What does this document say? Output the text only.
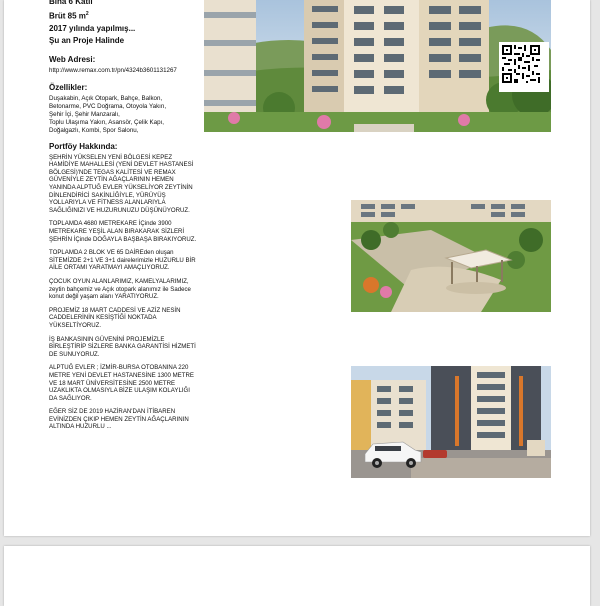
Bina 6 Katlı

Brüt 85 $m^2$

2017 yılında yapılmış...

Şu an Proje Halinde

Web Adresi:

http://www.remax.com.tr/pn/4324b3601131267

Özellikler:

Duşakabin, Açık Otopark, Bahçe, Balkon,

Betonarme, PVC Doğrama, Otoyola Yakın,

Şehir İçi, Şehir Manzaralı,

Toplu Ulaşıma Yakın, Asansör, Çelik Kapı,

Doğalgazlı, Kombi, Spor Salonu,

Portföy Hakkında:

ŞEHRİN YÜKSELEN YENİ BÖLGESİ KEPEZ HAMİDİYE MAHALLESİ (YENİ DEVLET HASTANESİ BÖLGESİ)'NDE TEGAS KALİTESİ VE REMAX GÜVENİYLE ZEYTİN AĞAÇLARININ HEMEN YANINDA ALPTUĞ EVLER YÜKSELİYOR ZEYTİNİN DİNLENDİRİCİ SAKİNLİĞİYLE, YÜRÜYÜŞ YOLLARIYLA VE FİTNESS ALANLARIYLA SAĞLIĞINIZI VE HUZURUNUZU DÜŞÜNÜYORUZ.

TOPLAMDA 4680 METREKARE İÇinde 3900 METREKARE YEŞİL ALAN BIRAKARAK SİZLERİ ŞEHRİN İÇinde DOĞAYLA BAŞBAŞA BIRAKIYORUZ.

TOPLAMDA 2 BLOK VE 65 DAİREden oluşan SİTEMİZDE 2+1 VE 3+1 dairelerimizle HUZURLU BİR AİLE ORTAMI YARATMAYI AMAÇLIYORUZ.

ÇOCUK OYUN ALANLARIMIZ, KAMELYALARIMIZ, zeytin bahçemiz ve Açık otopark alanımız ile Sadece konut değil yaşam alanı YARATIYORUZ.

PROJEMİZ 18 MART CADDESİ VE AZİZ NESİN CADDELERİNİN KESİŞTİĞİ NOKTADA YÜKSELTİYORUZ.

İŞ BANKASININ GÜVENİNİ PROJEMİZLE BİRLEŞTİRİP SİZLERE BANKA GARANTİSİ HİZMETİ DE SUNUYORUZ.

ALPTUĞ EVLER ; İZMİR-BURSA OTOBANINA 220 METRE YENİ DEVLET HASTANESİNE 1300 METRE VE 18 MART ÜNİVERSİTESİNE 2500 METRE UZAKLIKTA OLMASIYLA BİZE ULAŞIM KOLAYLIĞI DA SAĞLIYOR.

EĞER SİZ DE 2019 HAZİRAN'DAN İTİBAREN EVİNİZDEN ÇIKIP HEMEN ZEYTİN AĞAÇLARININ ALTINDA HUZURLU ...
